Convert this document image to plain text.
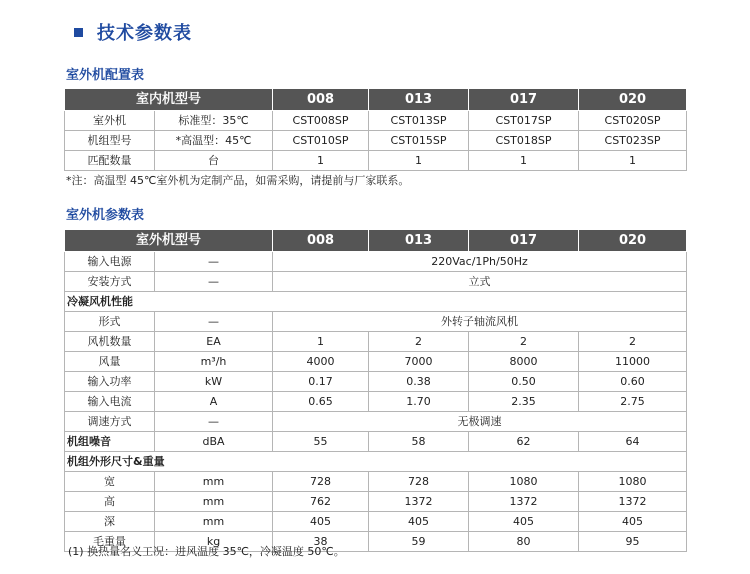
技术参数表
室外机配置表
室内机型号		008	013	017	020
室外机	标准型：35℃	CST008SP	CST013SP	CST017SP	CST020SP
机组型号	*高温型：45℃	CST010SP	CST015SP	CST018SP	CST023SP
匹配数量	台	1	1	1	1
*注：高温型 45℃室外机为定制产品，如需采购，请提前与厂家联系。
室外机参数表
室外机型号		008	013	017	020
输入电源	—	220Vac/1Ph/50Hz			
安装方式	—	立式			
冷凝风机性能					
形式	—	外转子轴流风机			
风机数量	EA	1	2	2	2
风量	m³/h	4000	7000	8000	11000
输入功率	kW	0.17	0.38	0.50	0.60
输入电流	A	0.65	1.70	2.35	2.75
调速方式	—	无极调速			
机组噪音	dBA	55	58	62	64
机组外形尺寸&重量					
宽	mm	728	728	1080	1080
高	mm	762	1372	1372	1372
深	mm	405	405	405	405
毛重量	kg	38	59	80	95
(1) 换热量名义工况：进风温度 35℃，冷凝温度 50℃。
